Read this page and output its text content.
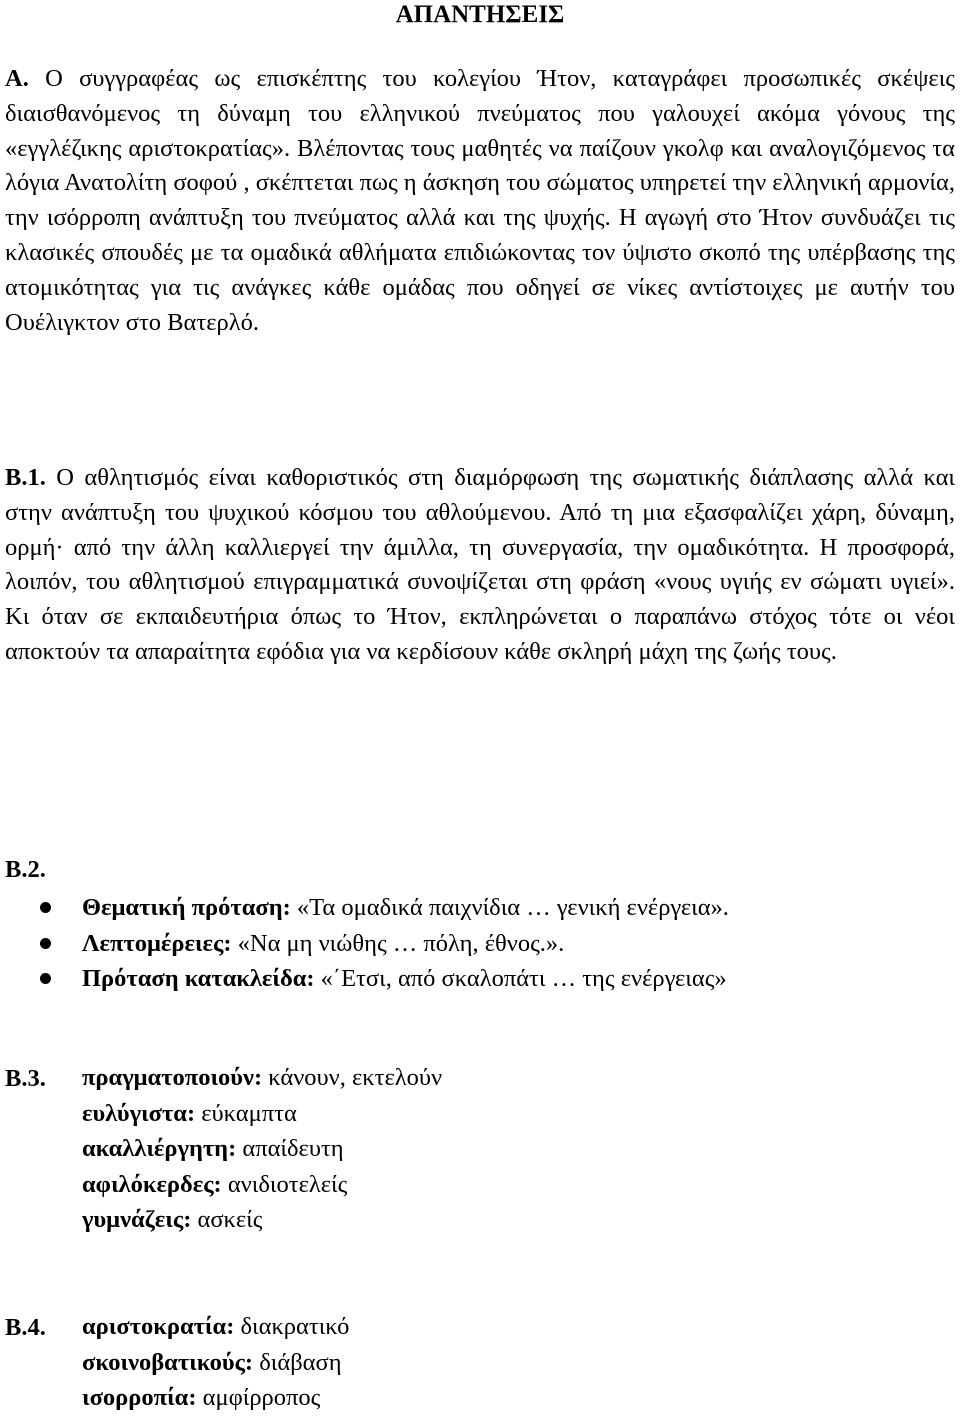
ΑΠΑΝΤΗΣΕΙΣ

Α. Ο συγγραφέας ως επισκέπτης του κολεγίου Ήτον, καταγράφει προσωπικές σκέψεις διαισθανόμενος τη δύναμη του ελληνικού πνεύματος που γαλουχεί ακόμα γόνους της «εγγλέζικης αριστοκρατίας». Βλέποντας τους μαθητές να παίζουν γκολφ και αναλογιζόμενος τα λόγια Ανατολίτη σοφού , σκέπτεται πως η άσκηση του σώματος υπηρετεί την ελληνική αρμονία, την ισόρροπη ανάπτυξη του πνεύματος αλλά και της ψυχής. Η αγωγή στο Ήτον συνδυάζει τις κλασικές σπουδές με τα ομαδικά αθλήματα επιδιώκοντας τον ύψιστο σκοπό της υπέρβασης της ατομικότητας για τις ανάγκες κάθε ομάδας που οδηγεί σε νίκες αντίστοιχες με αυτήν του Ουέλιγκτον στο Βατερλό.

Β.1. Ο αθλητισμός είναι καθοριστικός στη διαμόρφωση της σωματικής διάπλασης αλλά και στην ανάπτυξη του ψυχικού κόσμου του αθλούμενου. Από τη μια εξασφαλίζει χάρη, δύναμη, ορμή· από την άλλη καλλιεργεί την άμιλλα, τη συνεργασία, την ομαδικότητα. Η προσφορά, λοιπόν, του αθλητισμού επιγραμματικά συνοψίζεται στη φράση «νους υγιής εν σώματι υγιεί». Κι όταν σε εκπαιδευτήρια όπως το Ήτον, εκπληρώνεται ο παραπάνω στόχος τότε οι νέοι αποκτούν τα απαραίτητα εφόδια για να κερδίσουν κάθε σκληρή μάχη της ζωής τους.

Β.2.
Θεματική πρόταση: «Τα ομαδικά παιχνίδια … γενική ενέργεια».
Λεπτομέρειες: «Να μη νιώθης … πόλη, έθνος.».
Πρόταση κατακλείδα: «΄Ετσι, από σκαλοπάτι … της ενέργειας»
Β.3. πραγματοποιούν: κάνουν, εκτελούν
ευλύγιστα: εύκαμπτα
ακαλλιέργητη: απαίδευτη
αφιλόκερδες: ανιδιοτελείς
γυμνάζεις: ασκείς
Β.4. αριστοκρατία: διακρατικό
σκοινοβατικούς: διάβαση
ισορροπία: αμφίρροπος
